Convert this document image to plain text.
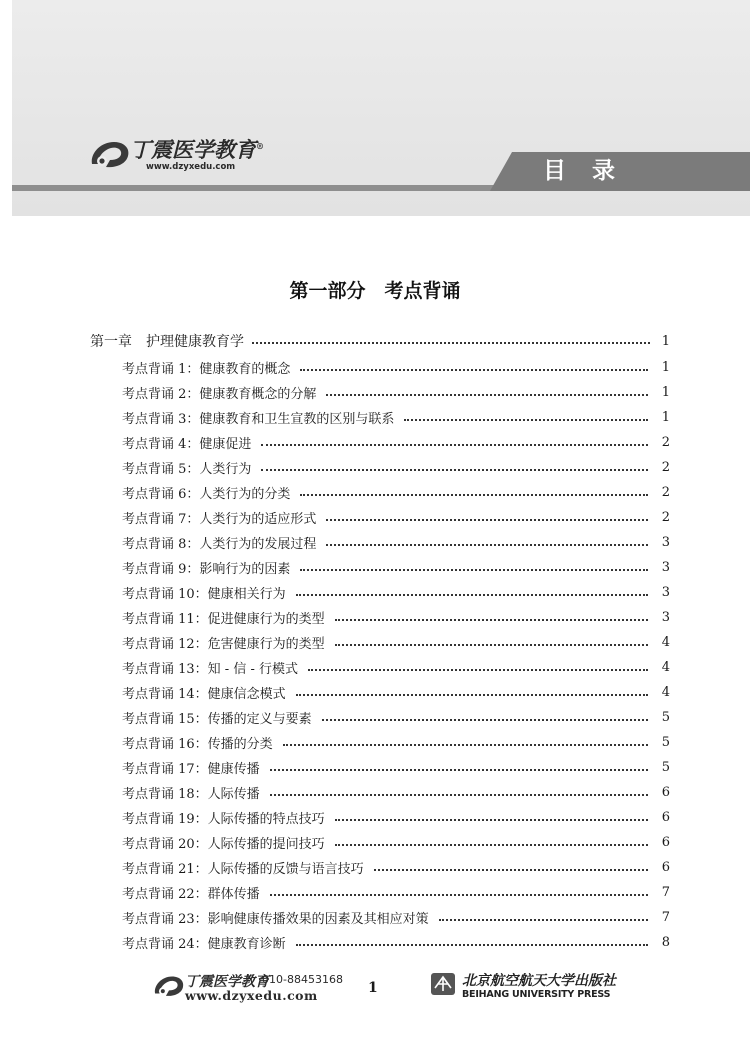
目录
丁震医学教育®
www.dzyxedu.com
第一部分　考点背诵
第一章　护理健康教育学	1
考点背诵 1：健康教育的概念	1
考点背诵 2：健康教育概念的分解	1
考点背诵 3：健康教育和卫生宣教的区别与联系	1
考点背诵 4：健康促进	2
考点背诵 5：人类行为	2
考点背诵 6：人类行为的分类	2
考点背诵 7：人类行为的适应形式	2
考点背诵 8：人类行为的发展过程	3
考点背诵 9：影响行为的因素	3
考点背诵 10：健康相关行为	3
考点背诵 11：促进健康行为的类型	3
考点背诵 12：危害健康行为的类型	4
考点背诵 13：知 - 信 - 行模式	4
考点背诵 14：健康信念模式	4
考点背诵 15：传播的定义与要素	5
考点背诵 16：传播的分类	5
考点背诵 17：健康传播	5
考点背诵 18：人际传播	6
考点背诵 19：人际传播的特点技巧	6
考点背诵 20：人际传播的提问技巧	6
考点背诵 21：人际传播的反馈与语言技巧	6
考点背诵 22：群体传播	7
考点背诵 23：影响健康传播效果的因素及其相应对策	7
考点背诵 24：健康教育诊断	8
丁震医学教育
010-88453168
www.dzyxedu.com	1	北京航空航天大学出版社
BEIHANG UNIVERSITY PRESS
